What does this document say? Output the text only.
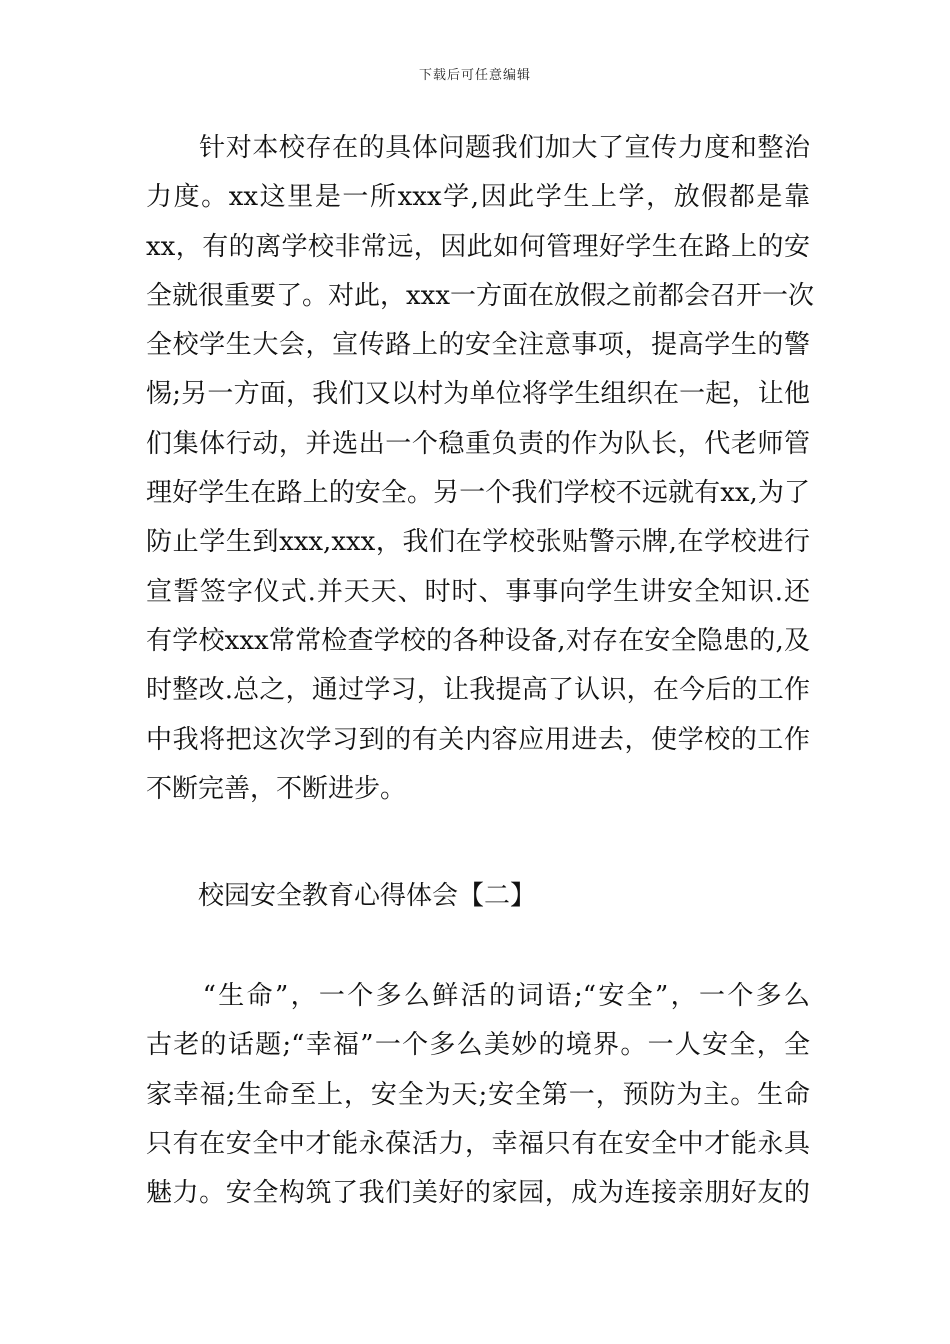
下载后可任意编辑
　　针对本校存在的具体问题我们加大了宣传力度和整治
力度。xx这里是一所xxx学,因此学生上学，放假都是靠
xx，有的离学校非常远，因此如何管理好学生在路上的安
全就很重要了。对此，xxx一方面在放假之前都会召开一次
全校学生大会，宣传路上的安全注意事项，提高学生的警
惕;另一方面，我们又以村为单位将学生组织在一起，让他
们集体行动，并选出一个稳重负责的作为队长，代老师管
理好学生在路上的安全。另一个我们学校不远就有xx,为了
防止学生到xxx,xxx，我们在学校张贴警示牌,在学校进行
宣誓签字仪式.并天天、时时、事事向学生讲安全知识.还
有学校xxx常常检查学校的各种设备,对存在安全隐患的,及
时整改.总之，通过学习，让我提高了认识，在今后的工作
中我将把这次学习到的有关内容应用进去，使学校的工作
不断完善，不断进步。
　　校园安全教育心得体会【二】
　　“生命”，一个多么鲜活的词语;“安全”，一个多么
古老的话题;“幸福”一个多么美妙的境界。一人安全，全
家幸福;生命至上，安全为天;安全第一，预防为主。生命
只有在安全中才能永葆活力，幸福只有在安全中才能永具
魅力。安全构筑了我们美好的家园，成为连接亲朋好友的
